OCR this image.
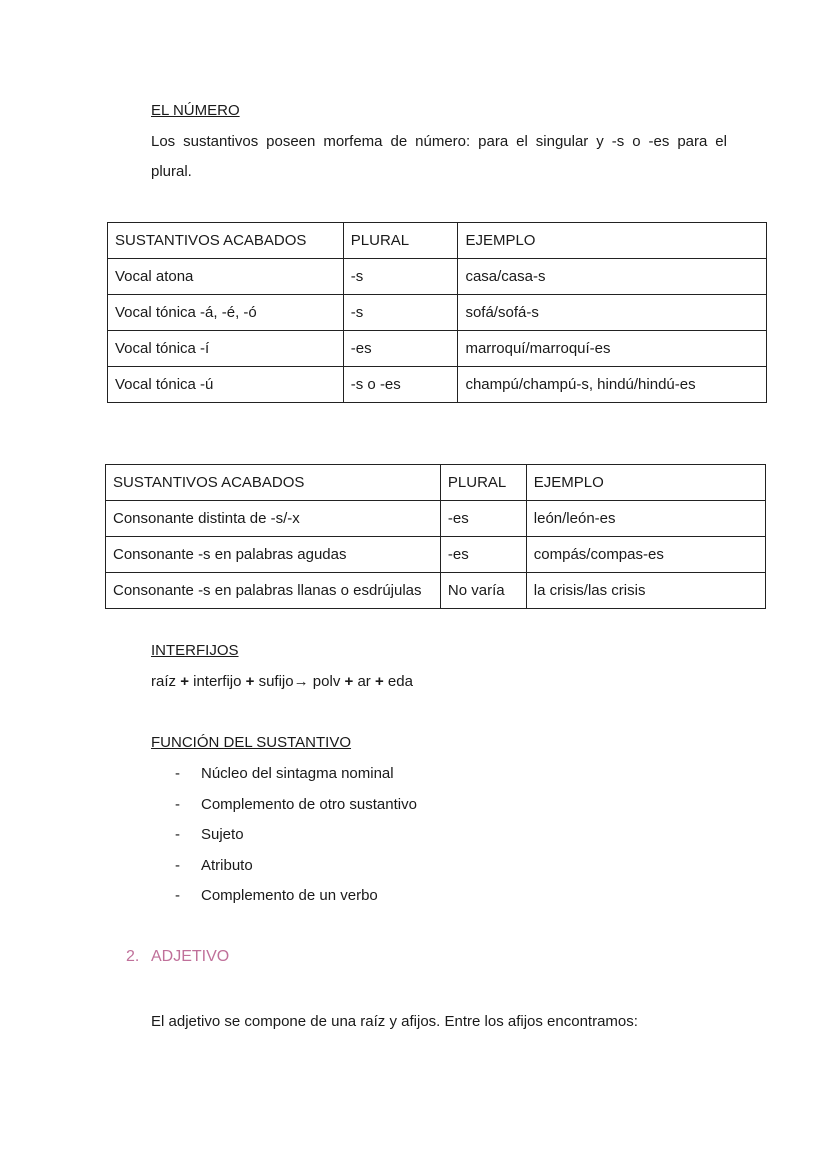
EL NÚMERO
Los sustantivos poseen morfema de número: para el singular y -s o -es para el
plural.
SUSTANTIVOS ACABADOS	PLURAL	EJEMPLO
Vocal atona	-s	casa/casa-s
Vocal tónica -á, -é, -ó	-s	sofá/sofá-s
Vocal tónica -í	-es	marroquí/marroquí-es
Vocal tónica -ú	-s o -es	champú/champú-s, hindú/hindú-es
SUSTANTIVOS ACABADOS	PLURAL	EJEMPLO
Consonante distinta de -s/-x	-es	león/león-es
Consonante -s en palabras agudas	-es	compás/compas-es
Consonante -s en palabras llanas o esdrújulas	No varía	la crisis/las crisis
INTERFIJOS

raíz + interfijo + sufijo→ polv + ar + eda

FUNCIÓN DEL SUSTANTIVO
- Núcleo del sintagma nominal
- Complemento de otro sustantivo
- Sujeto
- Atributo
- Complemento de un verbo
2. ADJETIVO

El adjetivo se compone de una raíz y afijos. Entre los afijos encontramos:
